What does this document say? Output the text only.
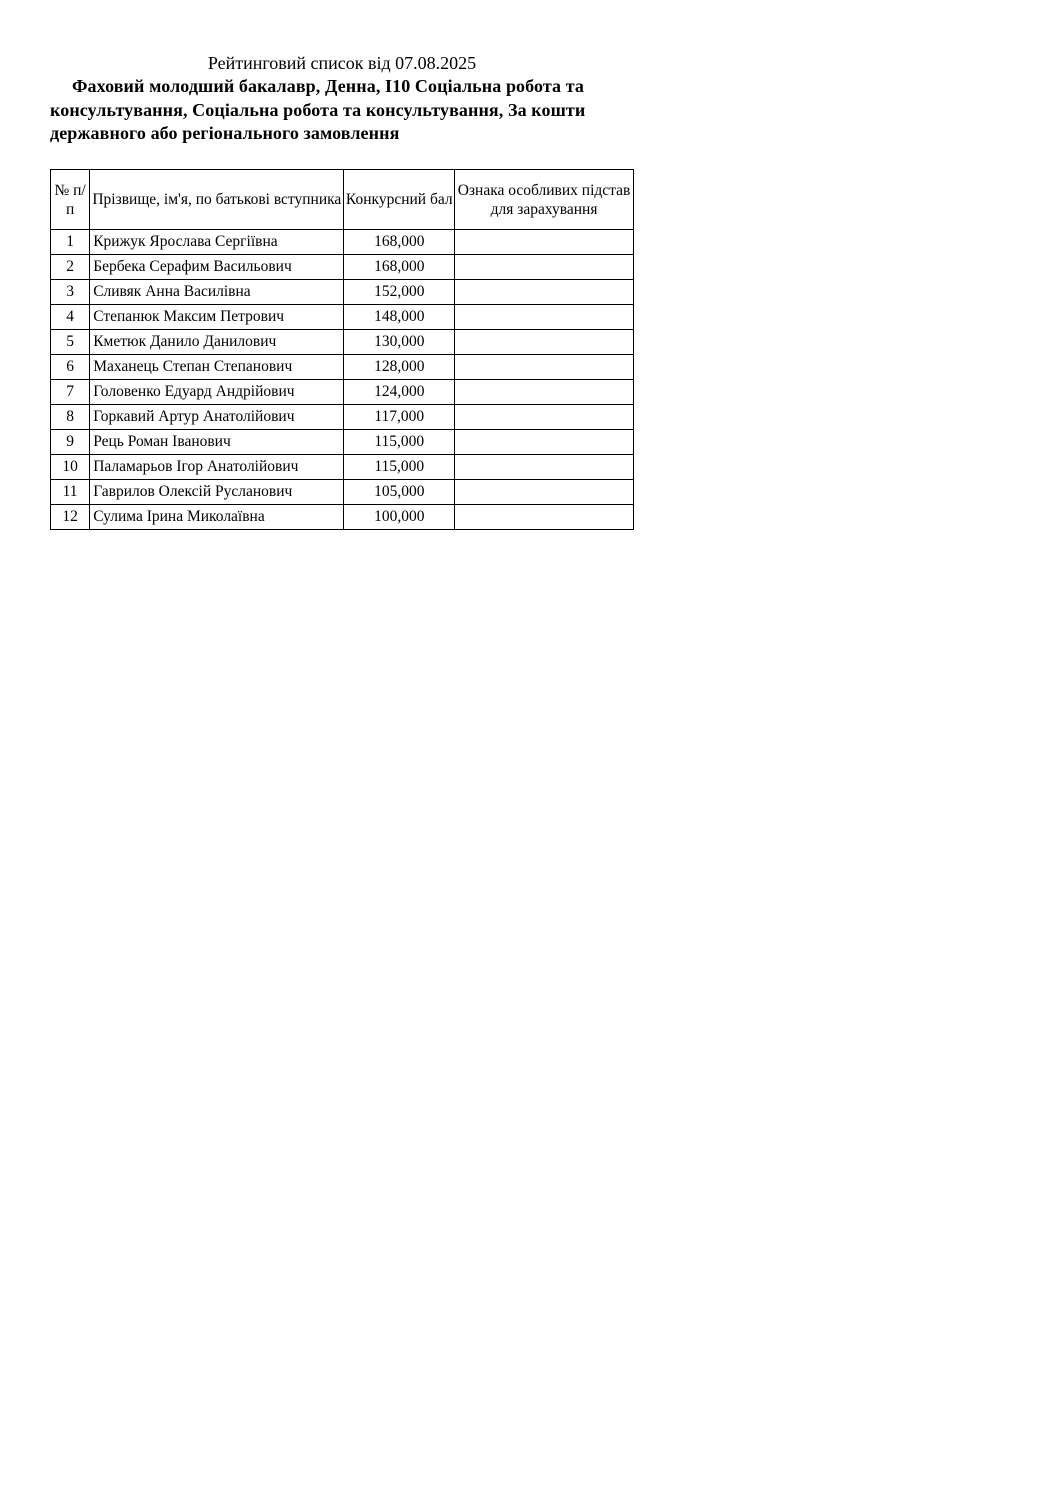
Рейтинговий список від 07.08.2025
Фаховий молодший бакалавр, Денна, I10 Соціальна робота та консультування, Соціальна робота та консультування, За кошти державного або регіонального замовлення
№ п/п	Прізвище, ім'я, по батькові вступника	Конкурсний бал	Ознака особливих підстав для зарахування
1	Крижук Ярослава Сергіївна	168,000	
2	Бербека Серафим Васильович	168,000	
3	Сливяк Анна Василівна	152,000	
4	Степанюк Максим Петрович	148,000	
5	Кметюк Данило Данилович	130,000	
6	Маханець Степан Степанович	128,000	
7	Головенко Едуард Андрійович	124,000	
8	Горкавий Артур Анатолійович	117,000	
9	Рець Роман Іванович	115,000	
10	Паламарьов Ігор Анатолійович	115,000	
11	Гаврилов Олексій Русланович	105,000	
12	Сулима Ірина Миколаївна	100,000	
